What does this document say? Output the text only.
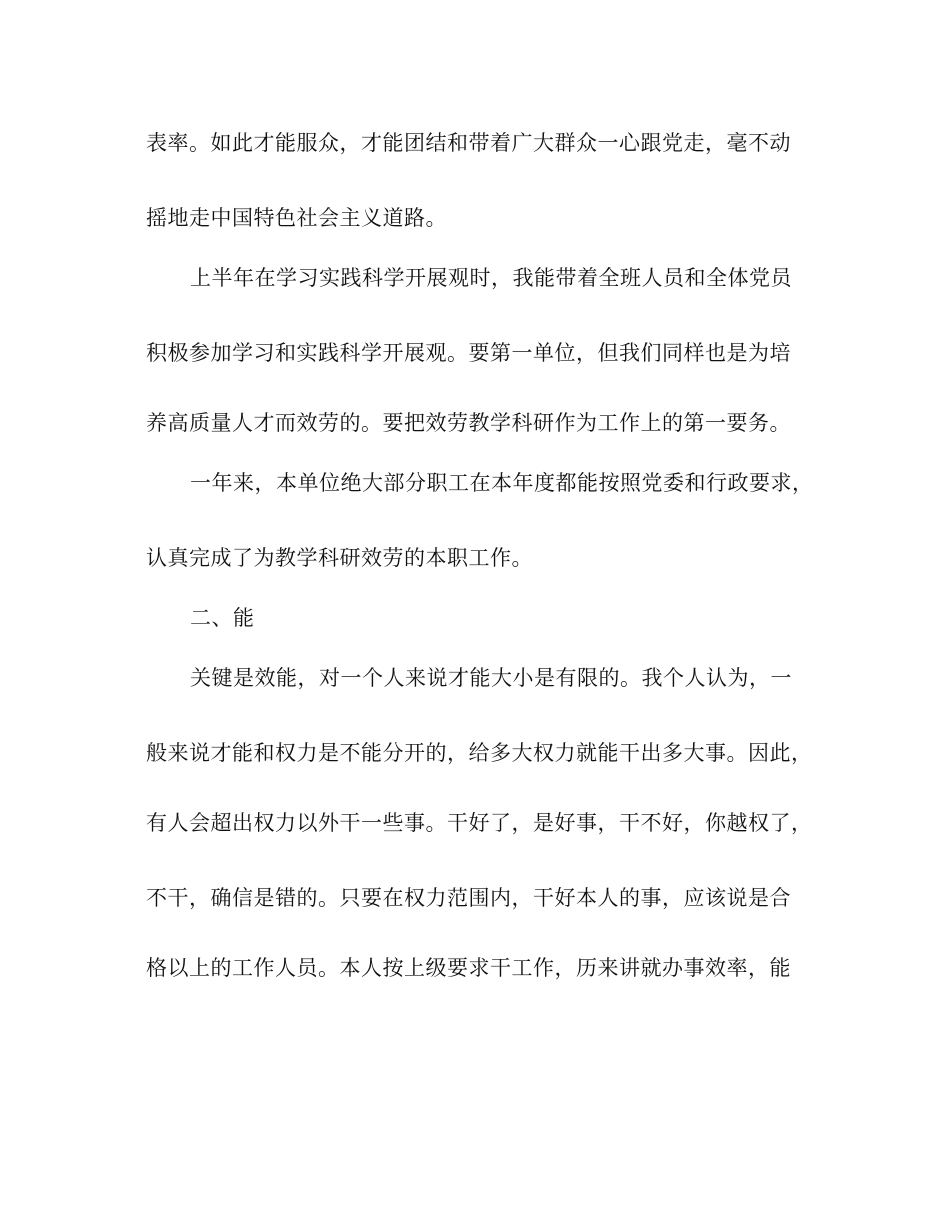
表率。如此才能服众，才能团结和带着广大群众一心跟党走，毫不动
摇地走中国特色社会主义道路。
上半年在学习实践科学开展观时，我能带着全班人员和全体党员
积极参加学习和实践科学开展观。要第一单位，但我们同样也是为培
养高质量人才而效劳的。要把效劳教学科研作为工作上的第一要务。
一年来，本单位绝大部分职工在本年度都能按照党委和行政要求，
认真完成了为教学科研效劳的本职工作。
二、能
关键是效能，对一个人来说才能大小是有限的。我个人认为，一
般来说才能和权力是不能分开的，给多大权力就能干出多大事。因此，
有人会超出权力以外干一些事。干好了，是好事，干不好，你越权了，
不干，确信是错的。只要在权力范围内，干好本人的事，应该说是合
格以上的工作人员。本人按上级要求干工作，历来讲就办事效率，能
